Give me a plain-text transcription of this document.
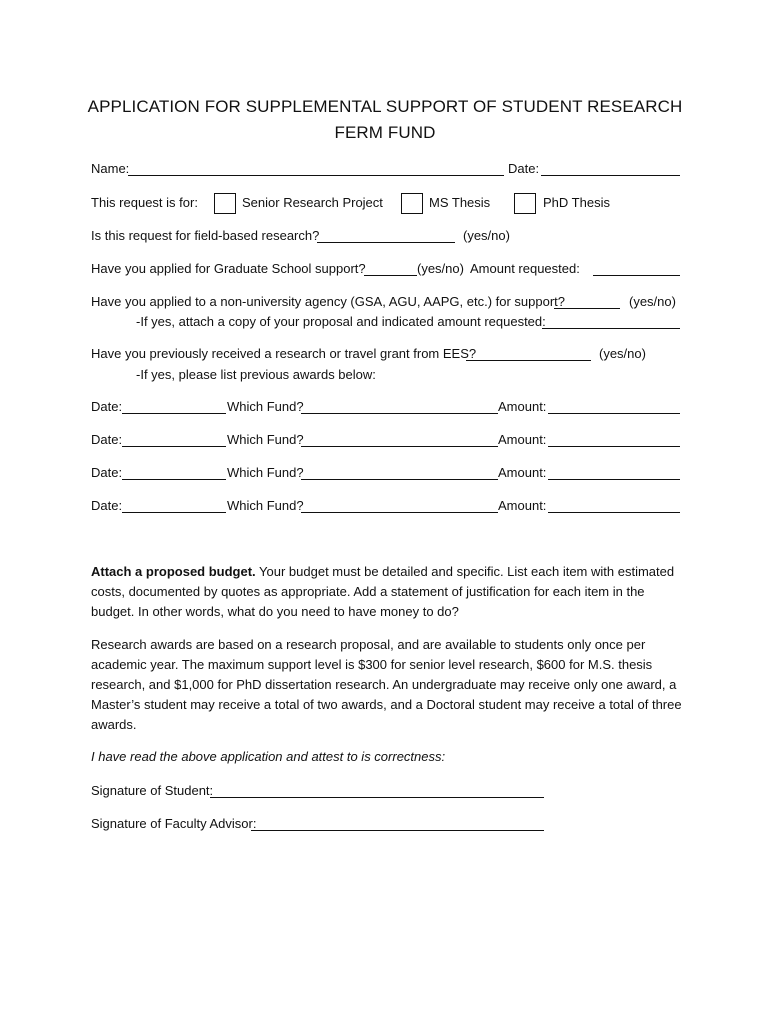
APPLICATION FOR SUPPLEMENTAL SUPPORT OF STUDENT RESEARCH
FERM FUND
Name:	Date:
This request is for:	Senior Research Project	MS Thesis	PhD Thesis
Is this request for field-based research?	(yes/no)
Have you applied for Graduate School support?	(yes/no) Amount requested:
Have you applied to a non-university agency (GSA, AGU, AAPG, etc.) for support?	(yes/no)
-If yes, attach a copy of your proposal and indicated amount requested:
Have you previously received a research or travel grant from EES?	(yes/no)
-If yes, please list previous awards below:
Date:	Which Fund?	Amount:
Date:	Which Fund?	Amount:
Date:	Which Fund?	Amount:
Date:	Which Fund?	Amount:
Attach a proposed budget. Your budget must be detailed and specific. List each item with estimated costs, documented by quotes as appropriate. Add a statement of justification for each item in the budget. In other words, what do you need to have money to do?
Research awards are based on a research proposal, and are available to students only once per academic year. The maximum support level is $300 for senior level research, $600 for M.S. thesis research, and $1,000 for PhD dissertation research. An undergraduate may receive only one award, a Master’s student may receive a total of two awards, and a Doctoral student may receive a total of three awards.
I have read the above application and attest to is correctness:
Signature of Student:
Signature of Faculty Advisor:
